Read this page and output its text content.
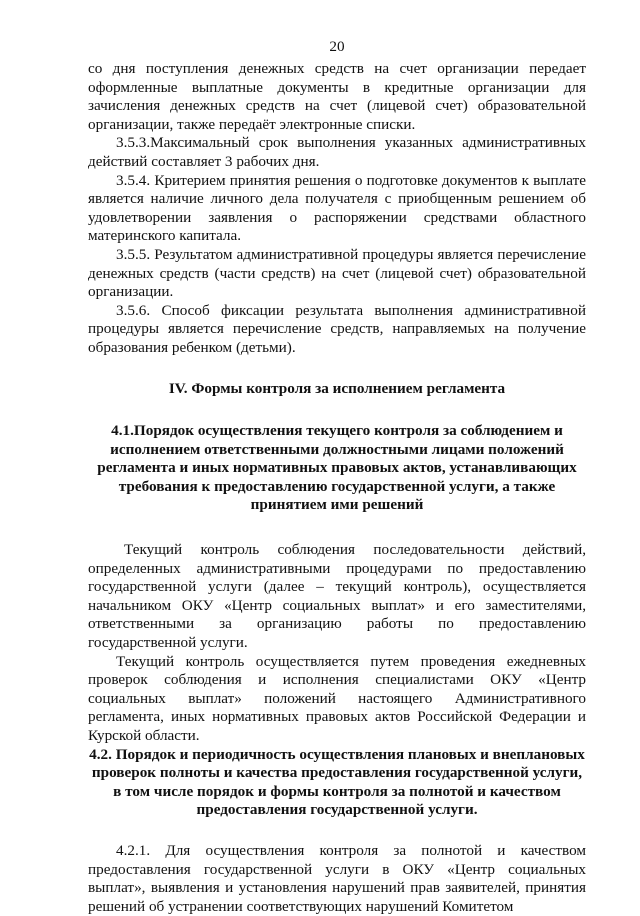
20

со дня поступления денежных средств на счет организации передает оформленные выплатные документы в кредитные организации для зачисления денежных средств на счет (лицевой счет) образовательной организации, также передаёт электронные списки.

3.5.3.Максимальный срок выполнения указанных административных действий составляет 3 рабочих дня.

3.5.4. Критерием принятия решения о подготовке документов к выплате является наличие личного дела получателя с приобщенным решением об удовлетворении заявления о распоряжении средствами областного материнского капитала.

3.5.5. Результатом административной процедуры является перечисление денежных средств (части средств) на счет (лицевой счет) образовательной организации.

3.5.6. Способ фиксации результата выполнения административной процедуры является перечисление средств, направляемых на получение образования ребенком (детьми).

IV. Формы контроля за исполнением регламента

4.1.Порядок осуществления текущего контроля за соблюдением и исполнением ответственными должностными лицами положений регламента и иных нормативных правовых актов, устанавливающих требования к предоставлению государственной услуги, а также принятием ими решений

Текущий контроль соблюдения последовательности действий, определенных административными процедурами по предоставлению государственной услуги (далее – текущий контроль), осуществляется начальником ОКУ «Центр социальных выплат» и его заместителями, ответственными за организацию работы по предоставлению государственной услуги.

Текущий контроль осуществляется путем проведения ежедневных проверок соблюдения и исполнения специалистами ОКУ «Центр социальных выплат» положений настоящего Административного регламента, иных нормативных правовых актов Российской Федерации и Курской области.

4.2. Порядок и периодичность осуществления плановых и внеплановых проверок полноты и качества предоставления государственной услуги, в том числе порядок и формы контроля за полнотой и качеством предоставления государственной услуги.

4.2.1. Для осуществления контроля за полнотой и качеством предоставления государственной услуги в ОКУ «Центр социальных выплат», выявления и установления нарушений прав заявителей, принятия решений об устранении соответствующих нарушений Комитетом
